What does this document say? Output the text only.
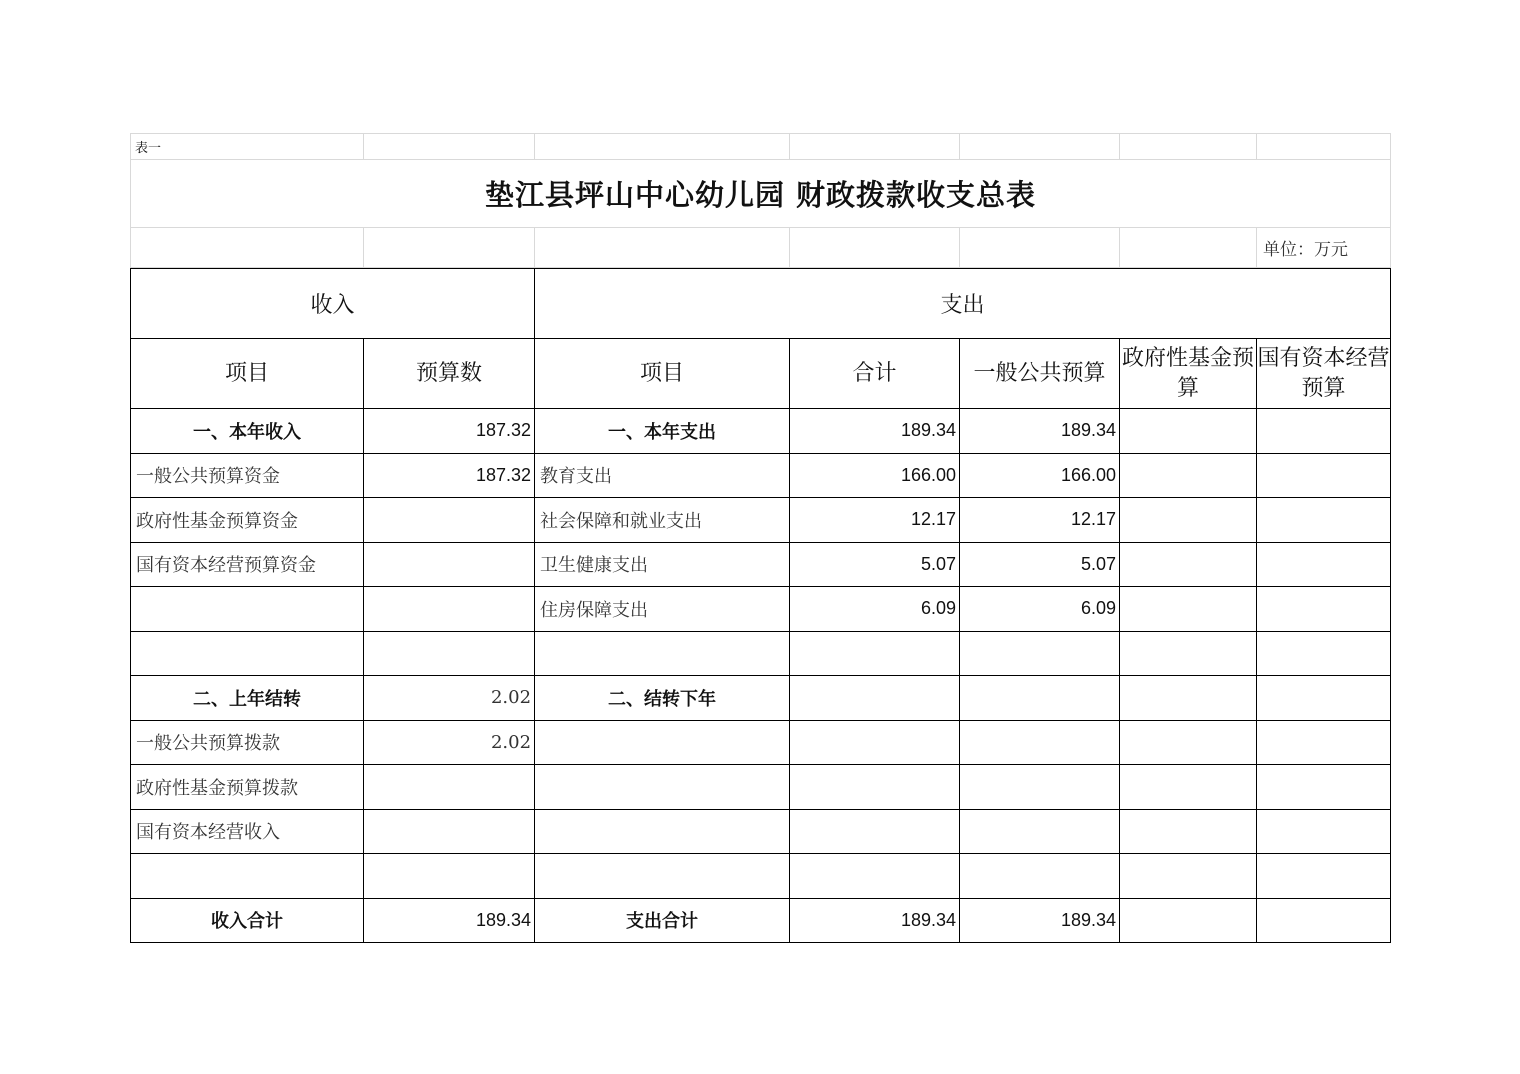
表一						
垫江县坪山中心幼儿园 财政拨款收支总表						
						单位：万元
收入		支出				
项目	预算数	项目	合计	一般公共预算	政府性基金预算	国有资本经营预算
一、本年收入	187.32	一、本年支出	189.34	189.34		
一般公共预算资金	187.32	教育支出	166.00	166.00		
政府性基金预算资金		社会保障和就业支出	12.17	12.17		
国有资本经营预算资金		卫生健康支出	5.07	5.07		
		住房保障支出	6.09	6.09		

二、上年结转	2.02	二、结转下年				
一般公共预算拨款	2.02					
政府性基金预算拨款						
国有资本经营收入						

收入合计	189.34	支出合计	189.34	189.34		
